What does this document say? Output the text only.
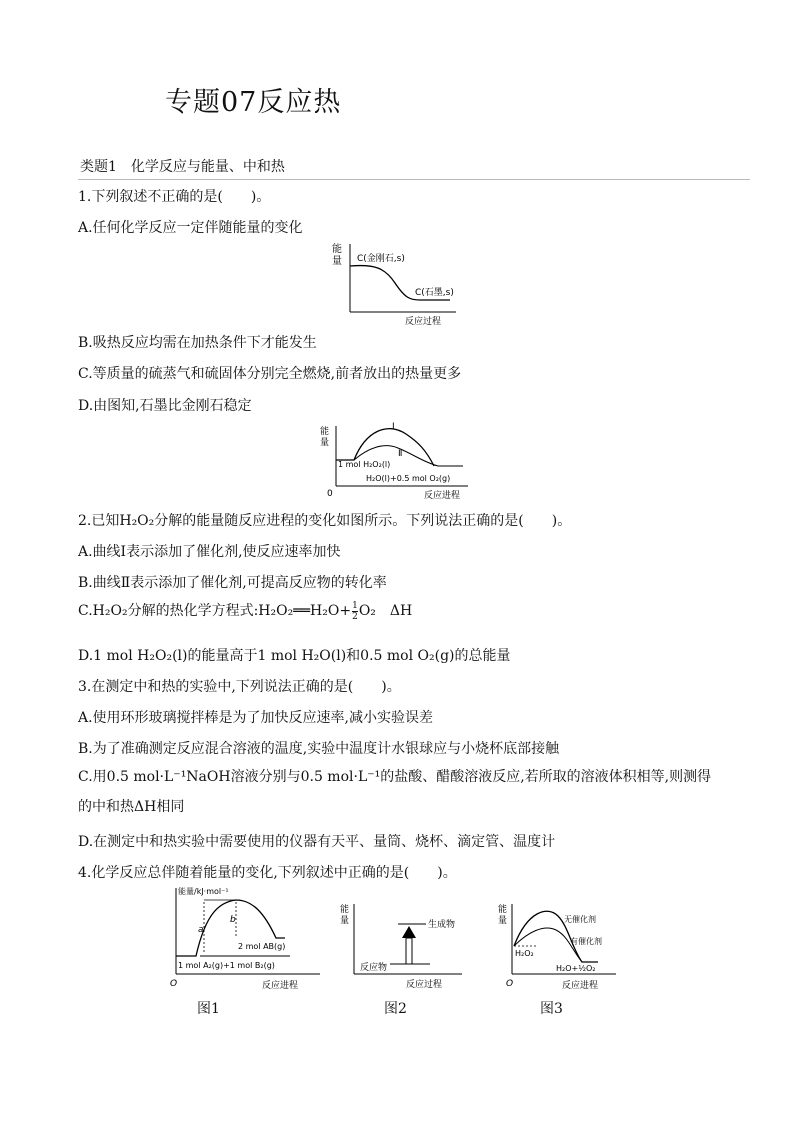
专题07反应热
类题1　化学反应与能量、中和热
1.下列叙述不正确的是(　　)。
A.任何化学反应一定伴随能量的变化
能
量 C(金刚石,s)
C(石墨,s)
反应过程
B.吸热反应均需在加热条件下才能发生
C.等质量的硫蒸气和硫固体分别完全燃烧,前者放出的热量更多
D.由图知,石墨比金刚石稳定
能
量
Ⅰ
Ⅱ
1 mol H₂O₂(l)
H₂O(l)+0.5 mol O₂(g)
0	反应进程
2.已知H₂O₂分解的能量随反应进程的变化如图所示。下列说法正确的是(　　)。
A.曲线Ⅰ表示添加了催化剂,使反应速率加快
B.曲线Ⅱ表示添加了催化剂,可提高反应物的转化率
C.H₂O₂分解的热化学方程式:H₂O₂══H₂O+ $\frac{1}{2} O_2$　ΔH
D.1 mol H₂O₂(l)的能量高于1 mol H₂O(l)和0.5 mol O₂(g)的总能量
3.在测定中和热的实验中,下列说法正确的是(　　)。
A.使用环形玻璃搅拌棒是为了加快反应速率,减小实验误差
B.为了准确测定反应混合溶液的温度,实验中温度计水银球应与小烧杯底部接触
C.用0.5 mol·L⁻¹NaOH溶液分别与0.5 mol·L⁻¹的盐酸、醋酸溶液反应,若所取的溶液体积相等,则测得的中和热ΔH相同
D.在测定中和热实验中需要使用的仪器有天平、量筒、烧杯、滴定管、温度计
4.化学反应总伴随着能量的变化,下列叙述中正确的是(　　)。
能量/kJ·mol⁻¹
a
b
2 mol AB(g)
1 mol A₂(g)+1 mol B₂(g)
O	反应进程
图1
能
量	生成物
反应物
反应过程
图2
能
量	无催化剂
有催化剂
H₂O₂
H₂O+½O₂
O	反应进程
图3
